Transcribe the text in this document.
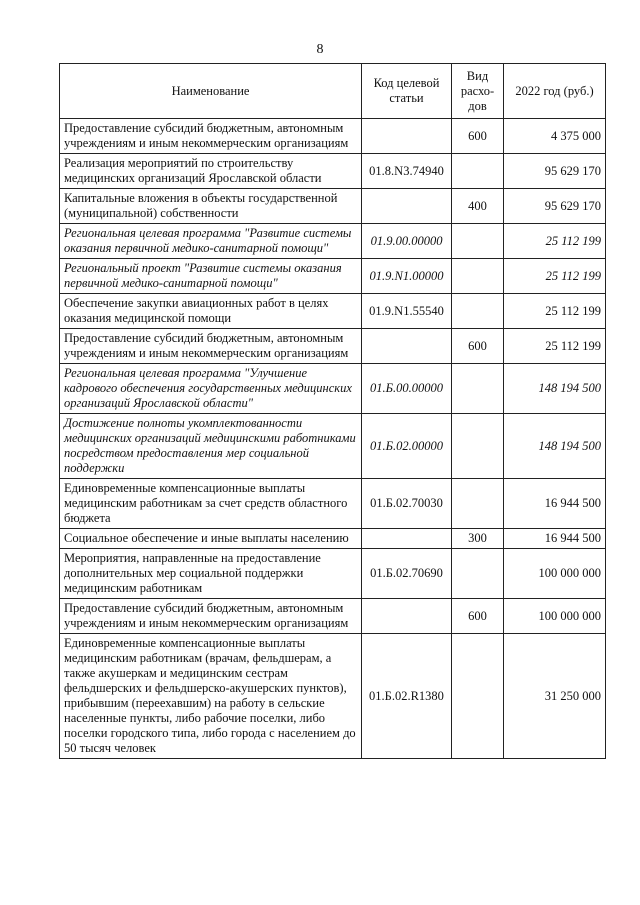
8
Наименование	Код целевой статьи	Вид расхо-дов	2022 год (руб.)
Предоставление субсидий бюджетным, автономным учреждениям и иным некоммерческим организациям		600	4 375 000
Реализация мероприятий по строительству медицинских организаций Ярославской области	01.8.N3.74940		95 629 170
Капитальные вложения в объекты государственной (муниципальной) собственности		400	95 629 170
Региональная целевая программа "Развитие системы оказания первичной медико-санитарной помощи"	01.9.00.00000		25 112 199
Региональный проект "Развитие системы оказания первичной медико-санитарной помощи"	01.9.N1.00000		25 112 199
Обеспечение закупки авиационных работ в целях оказания медицинской помощи	01.9.N1.55540		25 112 199
Предоставление субсидий бюджетным, автономным учреждениям и иным некоммерческим организациям		600	25 112 199
Региональная целевая программа "Улучшение кадрового обеспечения государственных медицинских организаций Ярославской области"	01.Б.00.00000		148 194 500
Достижение полноты укомплектованности медицинских организаций медицинскими работниками посредством предоставления мер социальной поддержки	01.Б.02.00000		148 194 500
Единовременные компенсационные выплаты медицинским работникам за счет средств областного бюджета	01.Б.02.70030		16 944 500
Социальное обеспечение и иные выплаты населению		300	16 944 500
Мероприятия, направленные на предоставление дополнительных мер социальной поддержки медицинским работникам	01.Б.02.70690		100 000 000
Предоставление субсидий бюджетным, автономным учреждениям и иным некоммерческим организациям		600	100 000 000
Единовременные компенсационные выплаты медицинским работникам (врачам, фельдшерам, а также акушеркам и медицинским сестрам фельдшерских и фельдшерско-акушерских пунктов), прибывшим (переехавшим) на работу в сельские населенные пункты, либо рабочие поселки, либо поселки городского типа, либо города с населением до 50 тысяч человек	01.Б.02.R1380		31 250 000
